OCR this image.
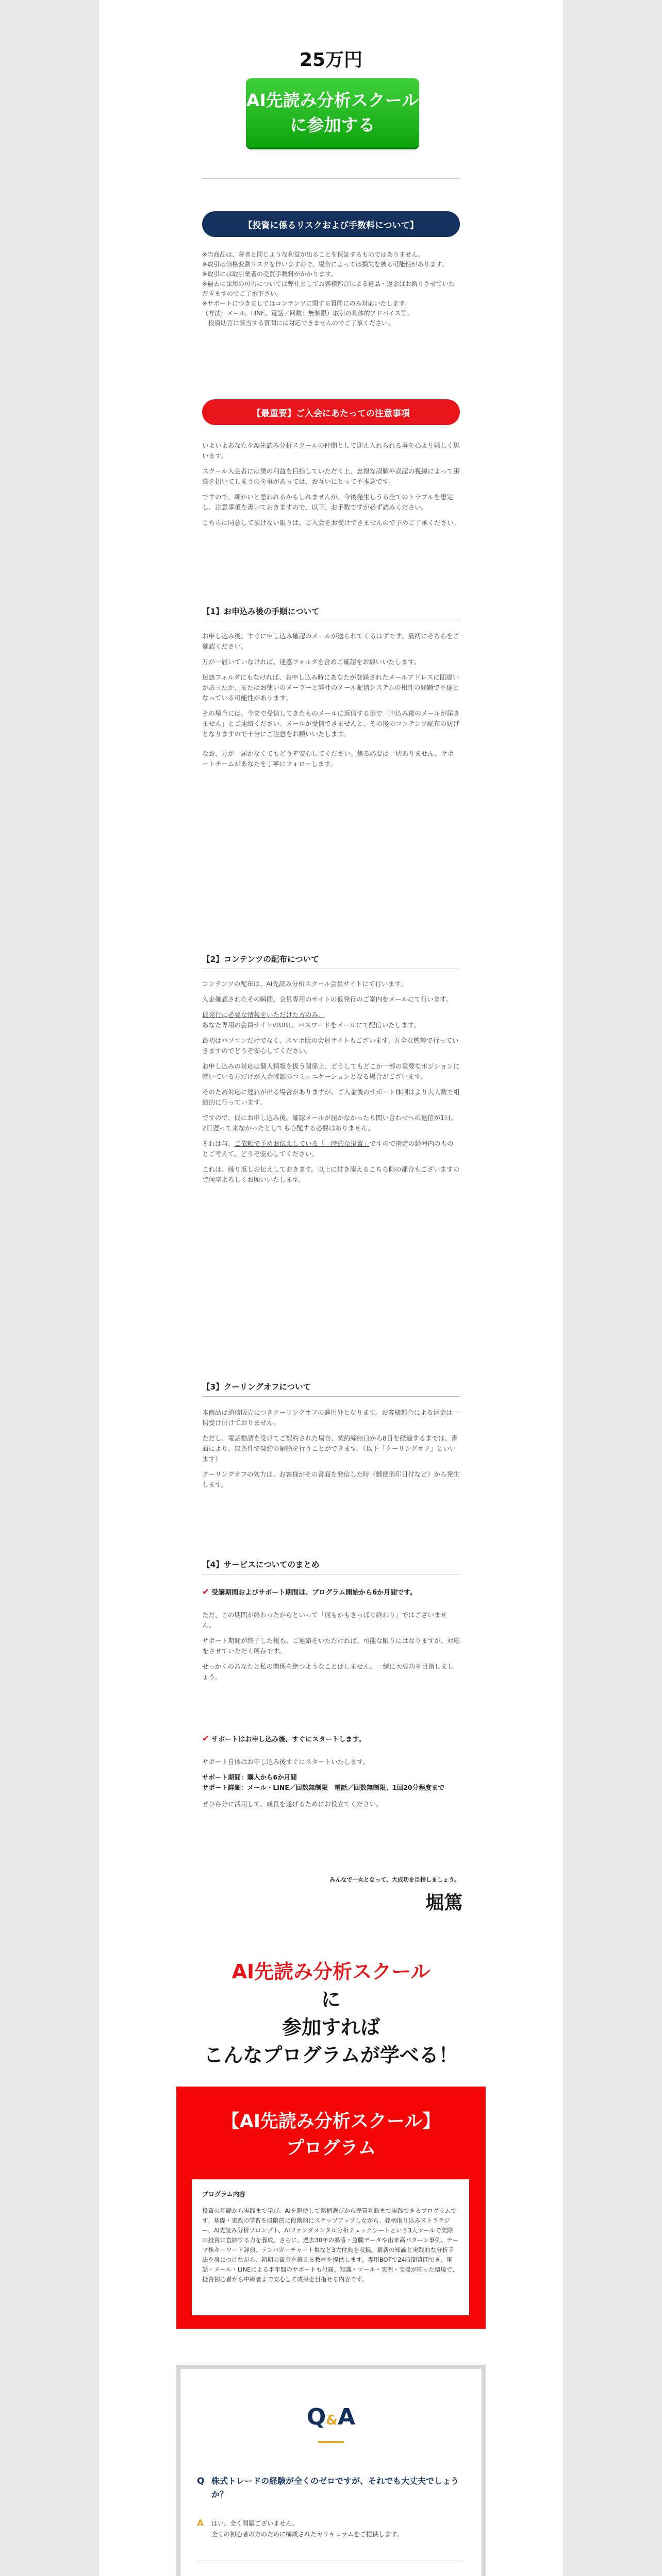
25万円
AI先読み分析スクール
に参加する
【投資に係るリスクおよび手数料について】
※当商品は、著者と同じような利益が出ることを保証するものではありません。
※取引は価格変動リスクを伴いますので、場合によっては損失を被る可能性があります。
※取引には取引業者の売買手数料がかかります。
※過去に採用の可否については弊社としてお客様都合による返品・返金はお断りさせていただきますのでご了承下さい。
※サポートにつきましてはコンテンツに関する質問にのみ対応いたします。
（方法：メール、LINE、電話／回数：無制限）取引の具体的アドバイス等、
投資助言に該当する質問には対応できませんのでご了承ください。
【最重要】ご入会にあたっての注意事項

いよいよあなたをAI先読み分析スクールの仲間として迎え入れられる事を心より嬉しく思います。

スクール入会者には僕の利益を目指していただく上、忠報な誤解や誤認の視線によって困惑を招いてしまうのを事があっては、お互いにとって不本意です。

ですので、細かいと思われるかもしれませんが、今後発生しうる全てのトラブルを想定し、注意事項を書いておきますので、以下、お手数ですが必ず読みください。

こちらに同意して頂けない限りは、ご入会をお受けできませんので予めご了承ください。

【1】お申込み後の手順について

お申し込み後、すぐに申し込み確認のメールが送られてくるはずです。最初にそちらをご確認ください。

万が一届いていなければ、迷惑フォルダを含めご確認をお願いいたします。

迷惑フォルダにもなければ、お申し込み時にあなたが登録されたメールアドレスに間違いがあったか、またはお使いのメーラーと弊社のメール配信システムの相性の問題で不達となっている可能性があります。

その場合には、今まで受信してきたものメールに返信する形で「申込み後のメールが届きません」とご連絡ください。メールが受信できませんと、その後のコンテンツ配布の妨げとなりますので十分にご注意をお願いいたします。

なお、万が一届かなくてもどうぞ安心してください。焦る必要は一切ありません。サポートチームがあなたを丁寧にフォローします。

【2】コンテンツの配布について

コンテンツの配布は、AI先読み分析スクール会員サイトにて行います。

入金確認されたその瞬間、会員専用のサイトの仮発行のご案内をメールにて行います。

仮発行に必要な情報をいただけた方のみ、

あなた専用の会員サイトのURL、パスワードをメールにて配信いたします。

最初はパソコンだけでなく、スマホ版の会員サイトもございます。万全な態勢で行っていきますのでどうぞ安心してください。

お申し込みの対応は個人情報を扱う関係上、どうしてもどこか一部の重要なポジションに就いている方だけが入金確認のコミュニケーションとなる場合がございます。

そのため対応に遅れが出る場合がありますが、ご入金後のサポート体制はより大人数で組織的に行っています。

ですので、仮にお申し込み後、確認メールが届かなかったり問い合わせへの返信が1日、2日遅って来なかったとしても心配する必要はありません。

それは与、ご依頼で予めお伝えしている「一時的な措置」ですので指定の範囲内のものとご考えて、どうぞ安心してください。

これは、縁り返しお伝えしておきます。以上に付き添えるこちら側の都合もございますので何卒よろしくお願いいたします。

【3】クーリングオフについて

本商品は通信販売につきクーリングオフの適用外となります。お客様都合による返金は一切受け付けておりません。

ただし、電話勧誘を受けてご契約された場合、契約締結日から8日を経過するまでは、書面により、無条件で契約の解除を行うことができます。（以下「クーリングオフ」といいます）

クーリングオフの効力は、お客様がその書面を発信した時（郵便消印日付など）から発生します。

【4】サービスについてのまとめ
✔ 受講期間およびサポート期間は、プログラム開始から6か月間です。

ただ、この期間が終わったからといって「何もかもきっぱり終わり」ではございません。

サポート期間が終了した後も、ご連絡をいただければ、可能な限りにはなりますが、対応をさせていただく所存です。

せっかくのあなたと私の関係を絶つようなことはしません。一緒に大成功を目指しましょう。

✔ サポートはお申し込み後、すぐにスタートします。

サポート自体はお申し込み後すぐにスタートいたします。

サポート期間：購入から6か月間
サポート詳細：メール・LINE／回数無制限　電話／回数無制限、1回20分程度まで

ぜひ存分に活用して、成長を遂げるためにお役立てください。

みんなで一丸となって、大成功を目指しましょう。
堀篤
AI先読み分析スクール
に
参加すれば
こんなプログラムが学べる！
【AI先読み分析スクール】
プログラム
プログラム内容
投資の基礎から実践まで学び、AIを駆使して銘柄選びから売買判断まで実践できるプログラムです。基礎・実践の学習を段階的に段階的にステップアップしながら、銘柄取り込みストラテジー、AI先読み分析プロンプト、AIファンダメンタル分析チェックシートという3大ツールで実際の投資に直結する力を養成。さらに、過去30年の暴落・急騰データや出来高パターン事例、テーマ株キーワード辞典、テンバガーチャート集など3大付典を収録。最新の知識と実践的な分析手法を身につけながら、初期の資金を殺える教材を提供します。専用BOTで24時間質問でき、電話・メール・LINEによる半年間のサポートも付属。知識・ツール・実例・支援が揃った環境で、投資初心者から中級者まで安心して成果を目指せる内容です。
Q&A
Q 株式トレードの経験が全くのゼロですが、それでも大丈夫でしょうか？
A はい、全く問題ございません。
全くの初心者の方のために構成されたカリキュラムをご提供します。
